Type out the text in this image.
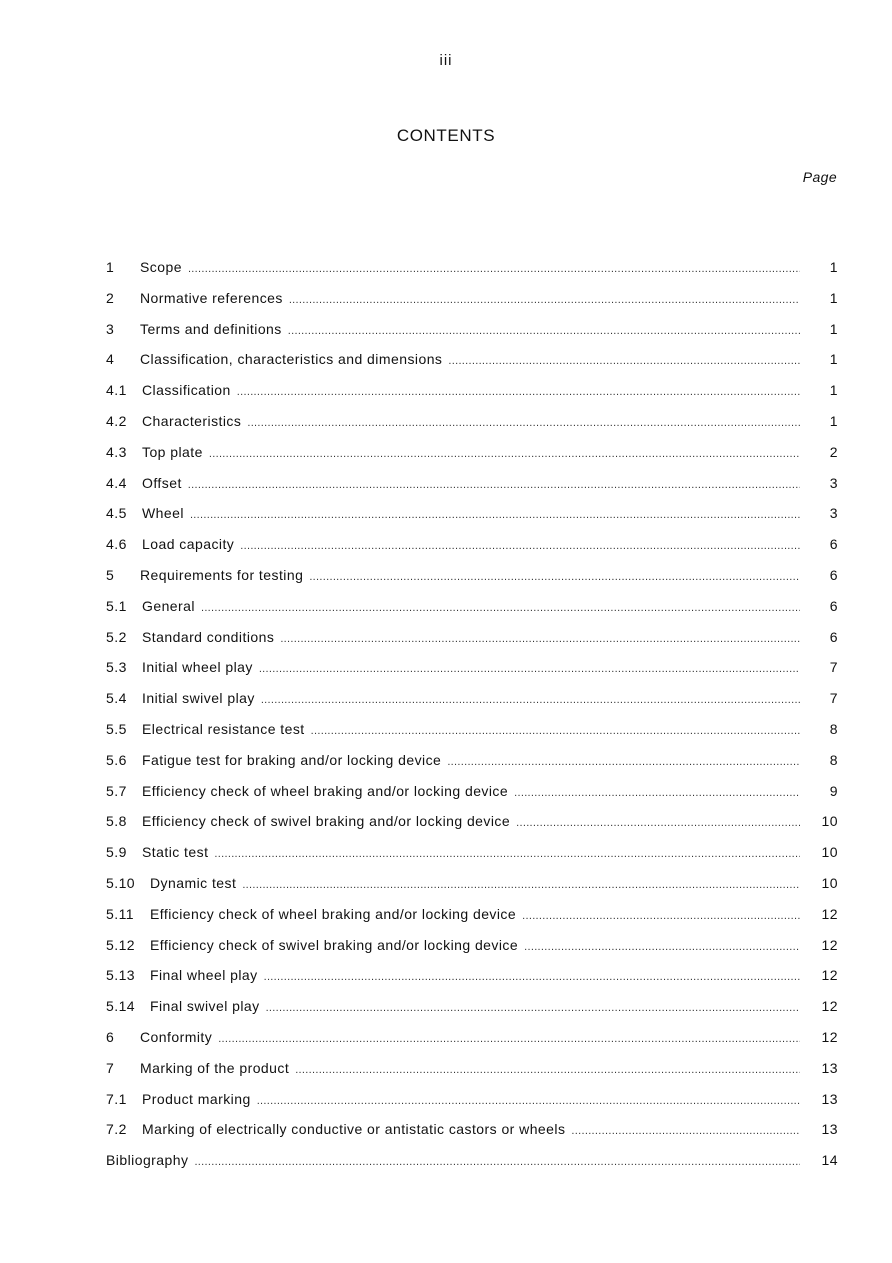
iii
CONTENTS
Page
1	Scope .....	1
2	Normative references .....	1
3	Terms and definitions .....	1
4	Classification, characteristics and dimensions .....	1
4.1	Classification .....	1
4.2	Characteristics .....	1
4.3	Top plate .....	2
4.4	Offset .....	3
4.5	Wheel .....	3
4.6	Load capacity .....	6
5	Requirements for testing .....	6
5.1	General .....	6
5.2	Standard conditions .....	6
5.3	Initial wheel play .....	7
5.4	Initial swivel play .....	7
5.5	Electrical resistance test .....	8
5.6	Fatigue test for braking and/or locking device .....	8
5.7	Efficiency check of wheel braking and/or locking device .....	9
5.8	Efficiency check of swivel braking and/or locking device .....	10
5.9	Static test .....	10
5.10	Dynamic test .....	10
5.11	Efficiency check of wheel braking and/or locking device .....	12
5.12	Efficiency check of swivel braking and/or locking device .....	12
5.13	Final wheel play .....	12
5.14	Final swivel play .....	12
6	Conformity .....	12
7	Marking of the product .....	13
7.1	Product marking .....	13
7.2	Marking of electrically conductive or antistatic castors or wheels .....	13
Bibliography .....	14
